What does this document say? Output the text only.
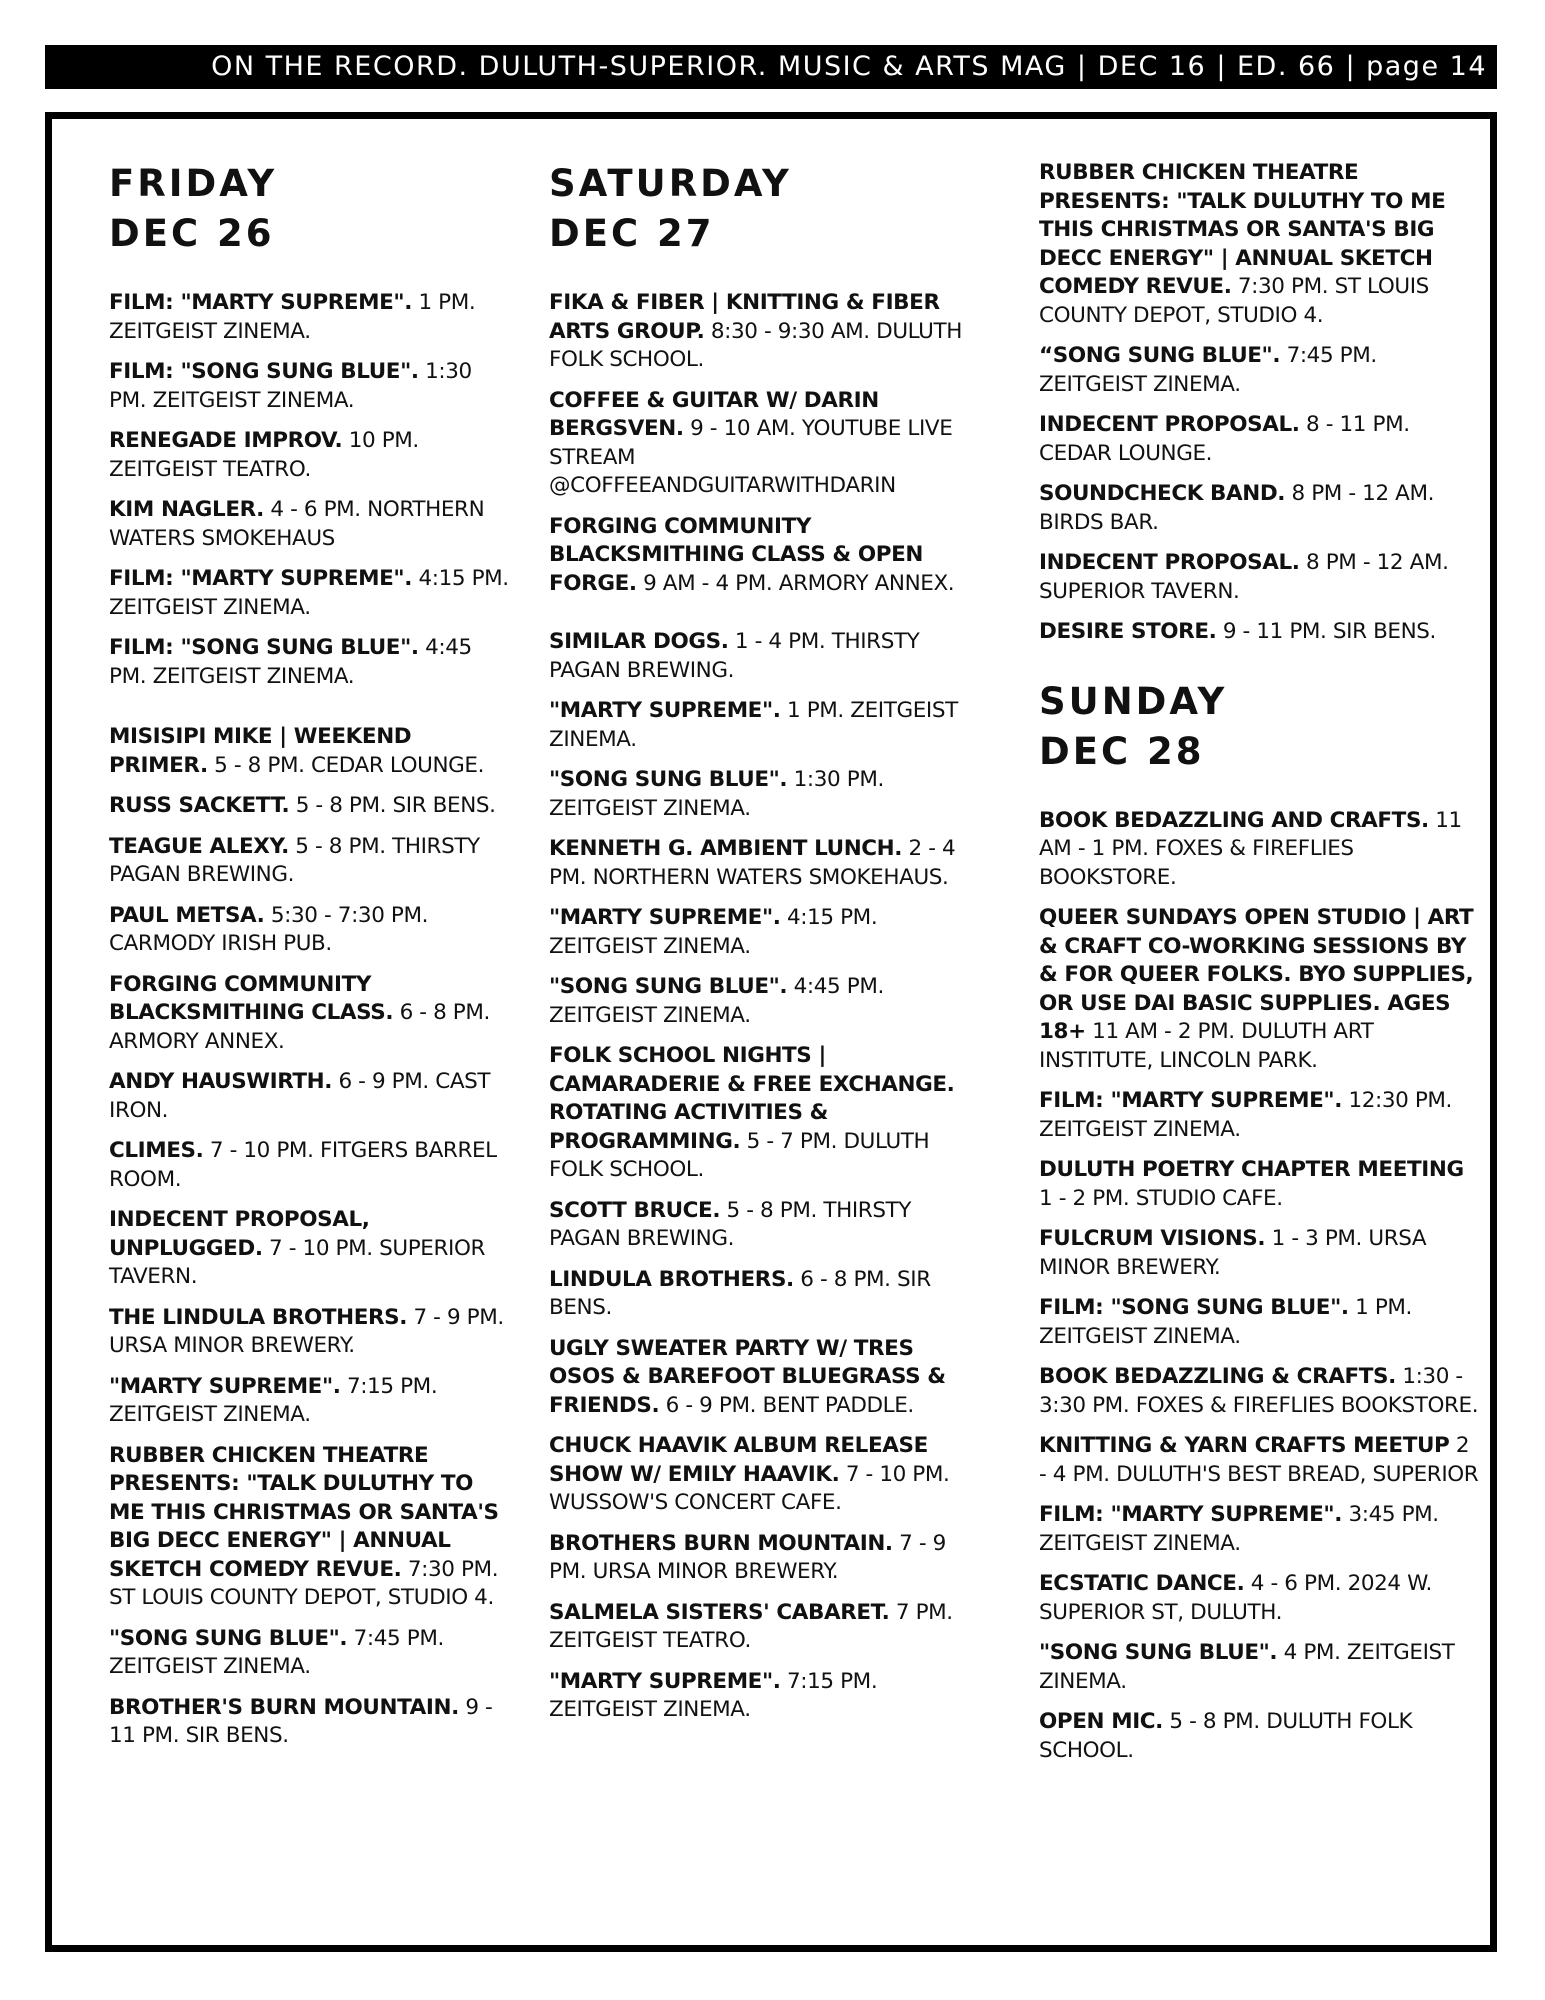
ON THE RECORD. DULUTH-SUPERIOR. MUSIC & ARTS MAG | DEC 16 | ED. 66 | page 14
FRIDAY
DEC 26
FILM: "MARTY SUPREME". 1 PM. ZEITGEIST ZINEMA.
FILM: "SONG SUNG BLUE". 1:30 PM. ZEITGEIST ZINEMA.
RENEGADE IMPROV. 10 PM. ZEITGEIST TEATRO.
KIM NAGLER. 4 - 6 PM. NORTHERN WATERS SMOKEHAUS
FILM: "MARTY SUPREME". 4:15 PM. ZEITGEIST ZINEMA.
FILM: "SONG SUNG BLUE". 4:45 PM. ZEITGEIST ZINEMA.
MISISIPI MIKE | WEEKEND PRIMER. 5 - 8 PM. CEDAR LOUNGE.
RUSS SACKETT. 5 - 8 PM. SIR BENS.
TEAGUE ALEXY. 5 - 8 PM. THIRSTY PAGAN BREWING.
PAUL METSA. 5:30 - 7:30 PM. CARMODY IRISH PUB.
FORGING COMMUNITY BLACKSMITHING CLASS. 6 - 8 PM. ARMORY ANNEX.
ANDY HAUSWIRTH. 6 - 9 PM. CAST IRON.
CLIMES. 7 - 10 PM. FITGERS BARREL ROOM.
INDECENT PROPOSAL, UNPLUGGED. 7 - 10 PM. SUPERIOR TAVERN.
THE LINDULA BROTHERS. 7 - 9 PM. URSA MINOR BREWERY.
"MARTY SUPREME". 7:15 PM. ZEITGEIST ZINEMA.
RUBBER CHICKEN THEATRE PRESENTS: "TALK DULUTHY TO ME THIS CHRISTMAS OR SANTA'S BIG DECC ENERGY" | ANNUAL SKETCH COMEDY REVUE. 7:30 PM. ST LOUIS COUNTY DEPOT, STUDIO 4.
"SONG SUNG BLUE". 7:45 PM. ZEITGEIST ZINEMA.
BROTHER'S BURN MOUNTAIN. 9 - 11 PM. SIR BENS.
SATURDAY
DEC 27
FIKA & FIBER | KNITTING & FIBER ARTS GROUP. 8:30 - 9:30 AM. DULUTH FOLK SCHOOL.
COFFEE & GUITAR W/ DARIN BERGSVEN. 9 - 10 AM. YOUTUBE LIVE STREAM @COFFEEANDGUITARWITHDARIN
FORGING COMMUNITY BLACKSMITHING CLASS & OPEN FORGE. 9 AM - 4 PM. ARMORY ANNEX.
SIMILAR DOGS. 1 - 4 PM. THIRSTY PAGAN BREWING.
"MARTY SUPREME". 1 PM. ZEITGEIST ZINEMA.
"SONG SUNG BLUE". 1:30 PM. ZEITGEIST ZINEMA.
KENNETH G. AMBIENT LUNCH. 2 - 4 PM. NORTHERN WATERS SMOKEHAUS.
"MARTY SUPREME". 4:15 PM. ZEITGEIST ZINEMA.
"SONG SUNG BLUE". 4:45 PM. ZEITGEIST ZINEMA.
FOLK SCHOOL NIGHTS | CAMARADERIE & FREE EXCHANGE. ROTATING ACTIVITIES & PROGRAMMING. 5 - 7 PM. DULUTH FOLK SCHOOL.
SCOTT BRUCE. 5 - 8 PM. THIRSTY PAGAN BREWING.
LINDULA BROTHERS. 6 - 8 PM. SIR BENS.
UGLY SWEATER PARTY W/ TRES OSOS & BAREFOOT BLUEGRASS & FRIENDS. 6 - 9 PM. BENT PADDLE.
CHUCK HAAVIK ALBUM RELEASE SHOW W/ EMILY HAAVIK. 7 - 10 PM. WUSSOW'S CONCERT CAFE.
BROTHERS BURN MOUNTAIN. 7 - 9 PM. URSA MINOR BREWERY.
SALMELA SISTERS' CABARET. 7 PM. ZEITGEIST TEATRO.
"MARTY SUPREME". 7:15 PM. ZEITGEIST ZINEMA.
RUBBER CHICKEN THEATRE PRESENTS: "TALK DULUTHY TO ME THIS CHRISTMAS OR SANTA'S BIG DECC ENERGY" | ANNUAL SKETCH COMEDY REVUE. 7:30 PM. ST LOUIS COUNTY DEPOT, STUDIO 4.
“SONG SUNG BLUE". 7:45 PM. ZEITGEIST ZINEMA.
INDECENT PROPOSAL. 8 - 11 PM. CEDAR LOUNGE.
SOUNDCHECK BAND. 8 PM - 12 AM. BIRDS BAR.
INDECENT PROPOSAL. 8 PM - 12 AM. SUPERIOR TAVERN.
DESIRE STORE. 9 - 11 PM. SIR BENS.
SUNDAY
DEC 28
BOOK BEDAZZLING AND CRAFTS. 11 AM - 1 PM. FOXES & FIREFLIES BOOKSTORE.
QUEER SUNDAYS OPEN STUDIO | ART & CRAFT CO-WORKING SESSIONS BY & FOR QUEER FOLKS. BYO SUPPLIES, OR USE DAI BASIC SUPPLIES. AGES 18+ 11 AM - 2 PM. DULUTH ART INSTITUTE, LINCOLN PARK.
FILM: "MARTY SUPREME". 12:30 PM. ZEITGEIST ZINEMA.
DULUTH POETRY CHAPTER MEETING 1 - 2 PM. STUDIO CAFE.
FULCRUM VISIONS. 1 - 3 PM. URSA MINOR BREWERY.
FILM: "SONG SUNG BLUE". 1 PM. ZEITGEIST ZINEMA.
BOOK BEDAZZLING & CRAFTS. 1:30 - 3:30 PM. FOXES & FIREFLIES BOOKSTORE.
KNITTING & YARN CRAFTS MEETUP 2 - 4 PM. DULUTH'S BEST BREAD, SUPERIOR
FILM: "MARTY SUPREME". 3:45 PM. ZEITGEIST ZINEMA.
ECSTATIC DANCE. 4 - 6 PM. 2024 W. SUPERIOR ST, DULUTH.
"SONG SUNG BLUE". 4 PM. ZEITGEIST ZINEMA.
OPEN MIC. 5 - 8 PM. DULUTH FOLK SCHOOL.
